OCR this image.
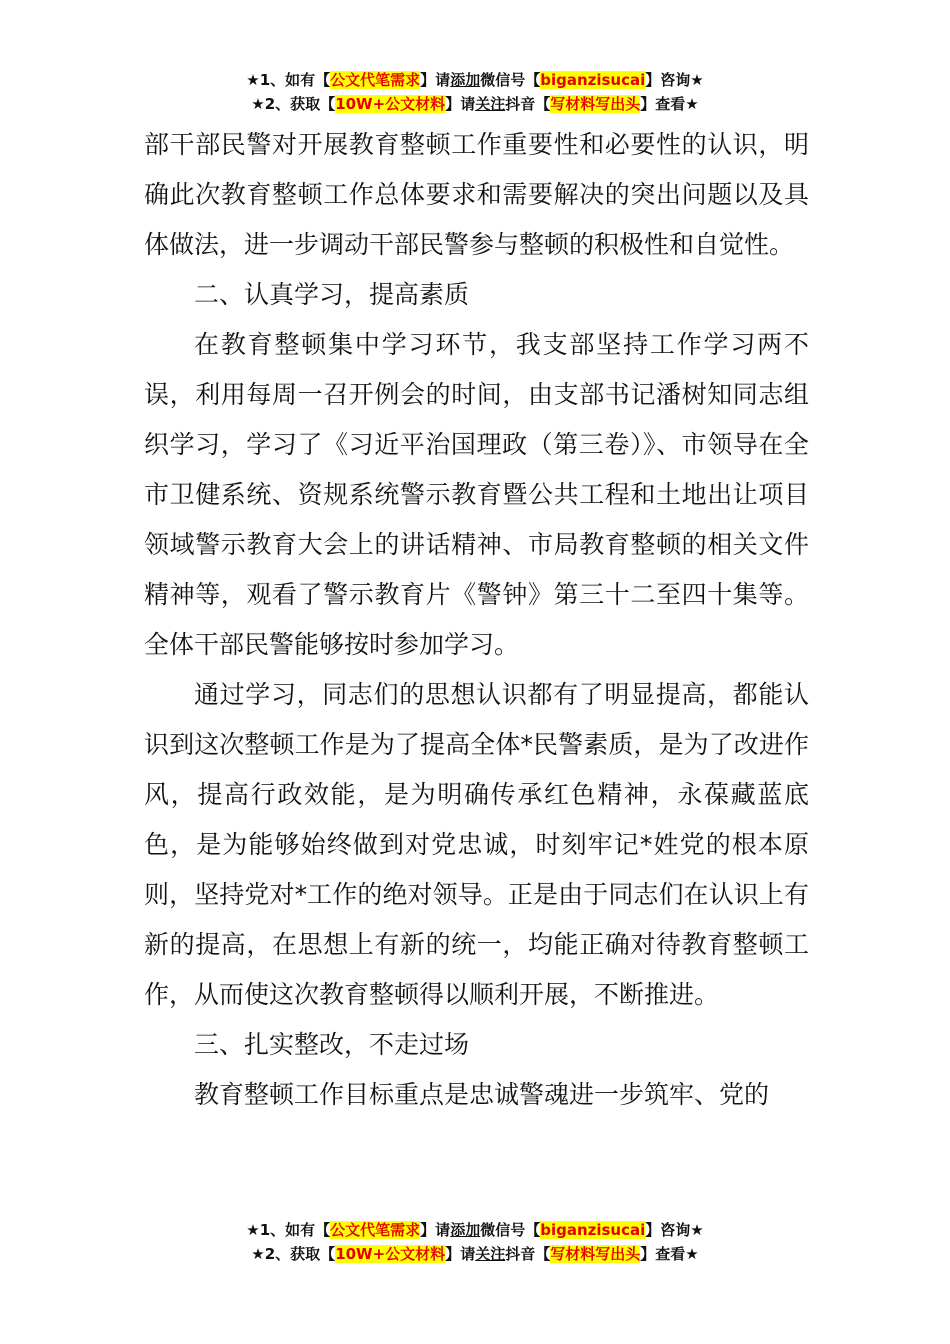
★1、如有【公文代笔需求】请添加微信号【biganzisucai】咨询★
★2、获取【10W+公文材料】请关注抖音【写材料写出头】查看★

部干部民警对开展教育整顿工作重要性和必要性的认识，明确此次教育整顿工作总体要求和需要解决的突出问题以及具体做法，进一步调动干部民警参与整顿的积极性和自觉性。

二、认真学习，提高素质

在教育整顿集中学习环节，我支部坚持工作学习两不误，利用每周一召开例会的时间，由支部书记潘树知同志组织学习，学习了《习近平治国理政（第三卷）》、市领导在全市卫健系统、资规系统警示教育暨公共工程和土地出让项目领域警示教育大会上的讲话精神、市局教育整顿的相关文件精神等，观看了警示教育片《警钟》第三十二至四十集等。全体干部民警能够按时参加学习。

通过学习，同志们的思想认识都有了明显提高，都能认识到这次整顿工作是为了提高全体*民警素质，是为了改进作风，提高行政效能，是为明确传承红色精神，永葆藏蓝底色，是为能够始终做到对党忠诚，时刻牢记*姓党的根本原则，坚持党对*工作的绝对领导。正是由于同志们在认识上有新的提高，在思想上有新的统一，均能正确对待教育整顿工作，从而使这次教育整顿得以顺利开展，不断推进。

三、扎实整改，不走过场

教育整顿工作目标重点是忠诚警魂进一步筑牢、党的

★1、如有【公文代笔需求】请添加微信号【biganzisucai】咨询★
★2、获取【10W+公文材料】请关注抖音【写材料写出头】查看★
